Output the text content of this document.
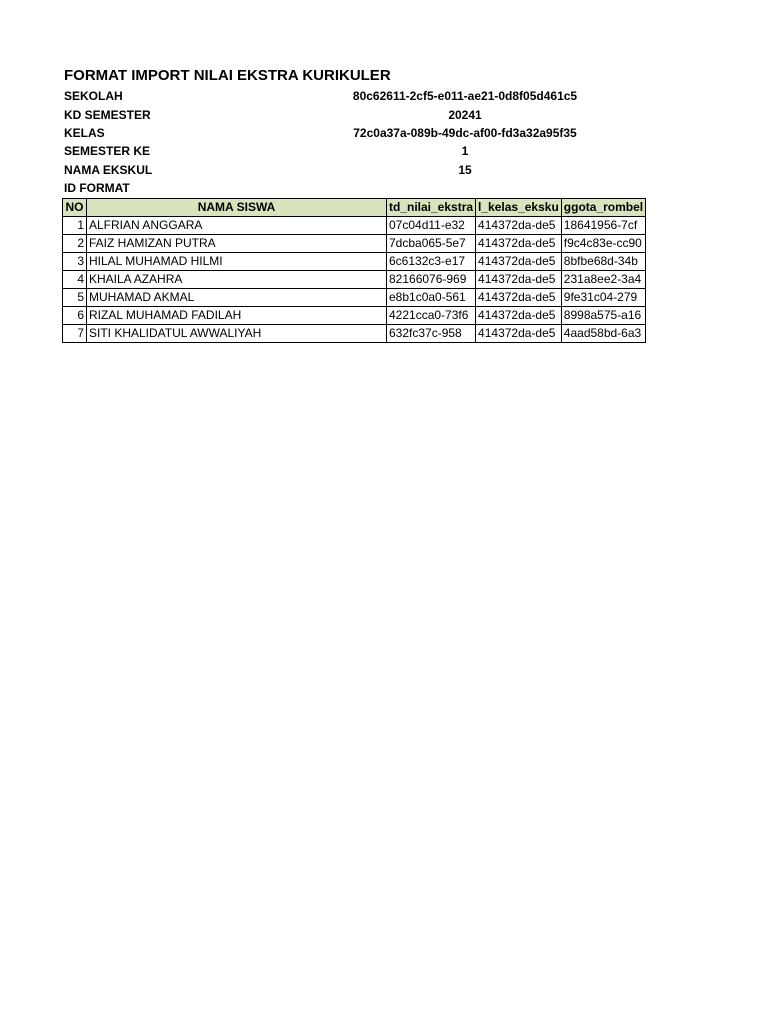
FORMAT IMPORT NILAI EKSTRA KURIKULER
SEKOLAH	80c62611-2cf5-e011-ae21-0d8f05d461c5
KD SEMESTER	20241
KELAS	72c0a37a-089b-49dc-af00-fd3a32a95f35
SEMESTER KE	1
NAMA EKSKUL	15
ID FORMAT
NO	NAMA SISWA	td_nilai_ekstra	l_kelas_eksku	ggota_rombel
1	ALFRIAN ANGGARA	07c04d11-e32	414372da-de5	18641956-7cf
2	FAIZ HAMIZAN PUTRA	7dcba065-5e7	414372da-de5	f9c4c83e-cc90
3	HILAL MUHAMAD HILMI	6c6132c3-e17	414372da-de5	8bfbe68d-34b
4	KHAILA AZAHRA	82166076-969	414372da-de5	231a8ee2-3a4
5	MUHAMAD AKMAL	e8b1c0a0-561	414372da-de5	9fe31c04-279
6	RIZAL MUHAMAD FADILAH	4221cca0-73f6	414372da-de5	8998a575-a16
7	SITI KHALIDATUL AWWALIYAH	632fc37c-958	414372da-de5	4aad58bd-6a3
